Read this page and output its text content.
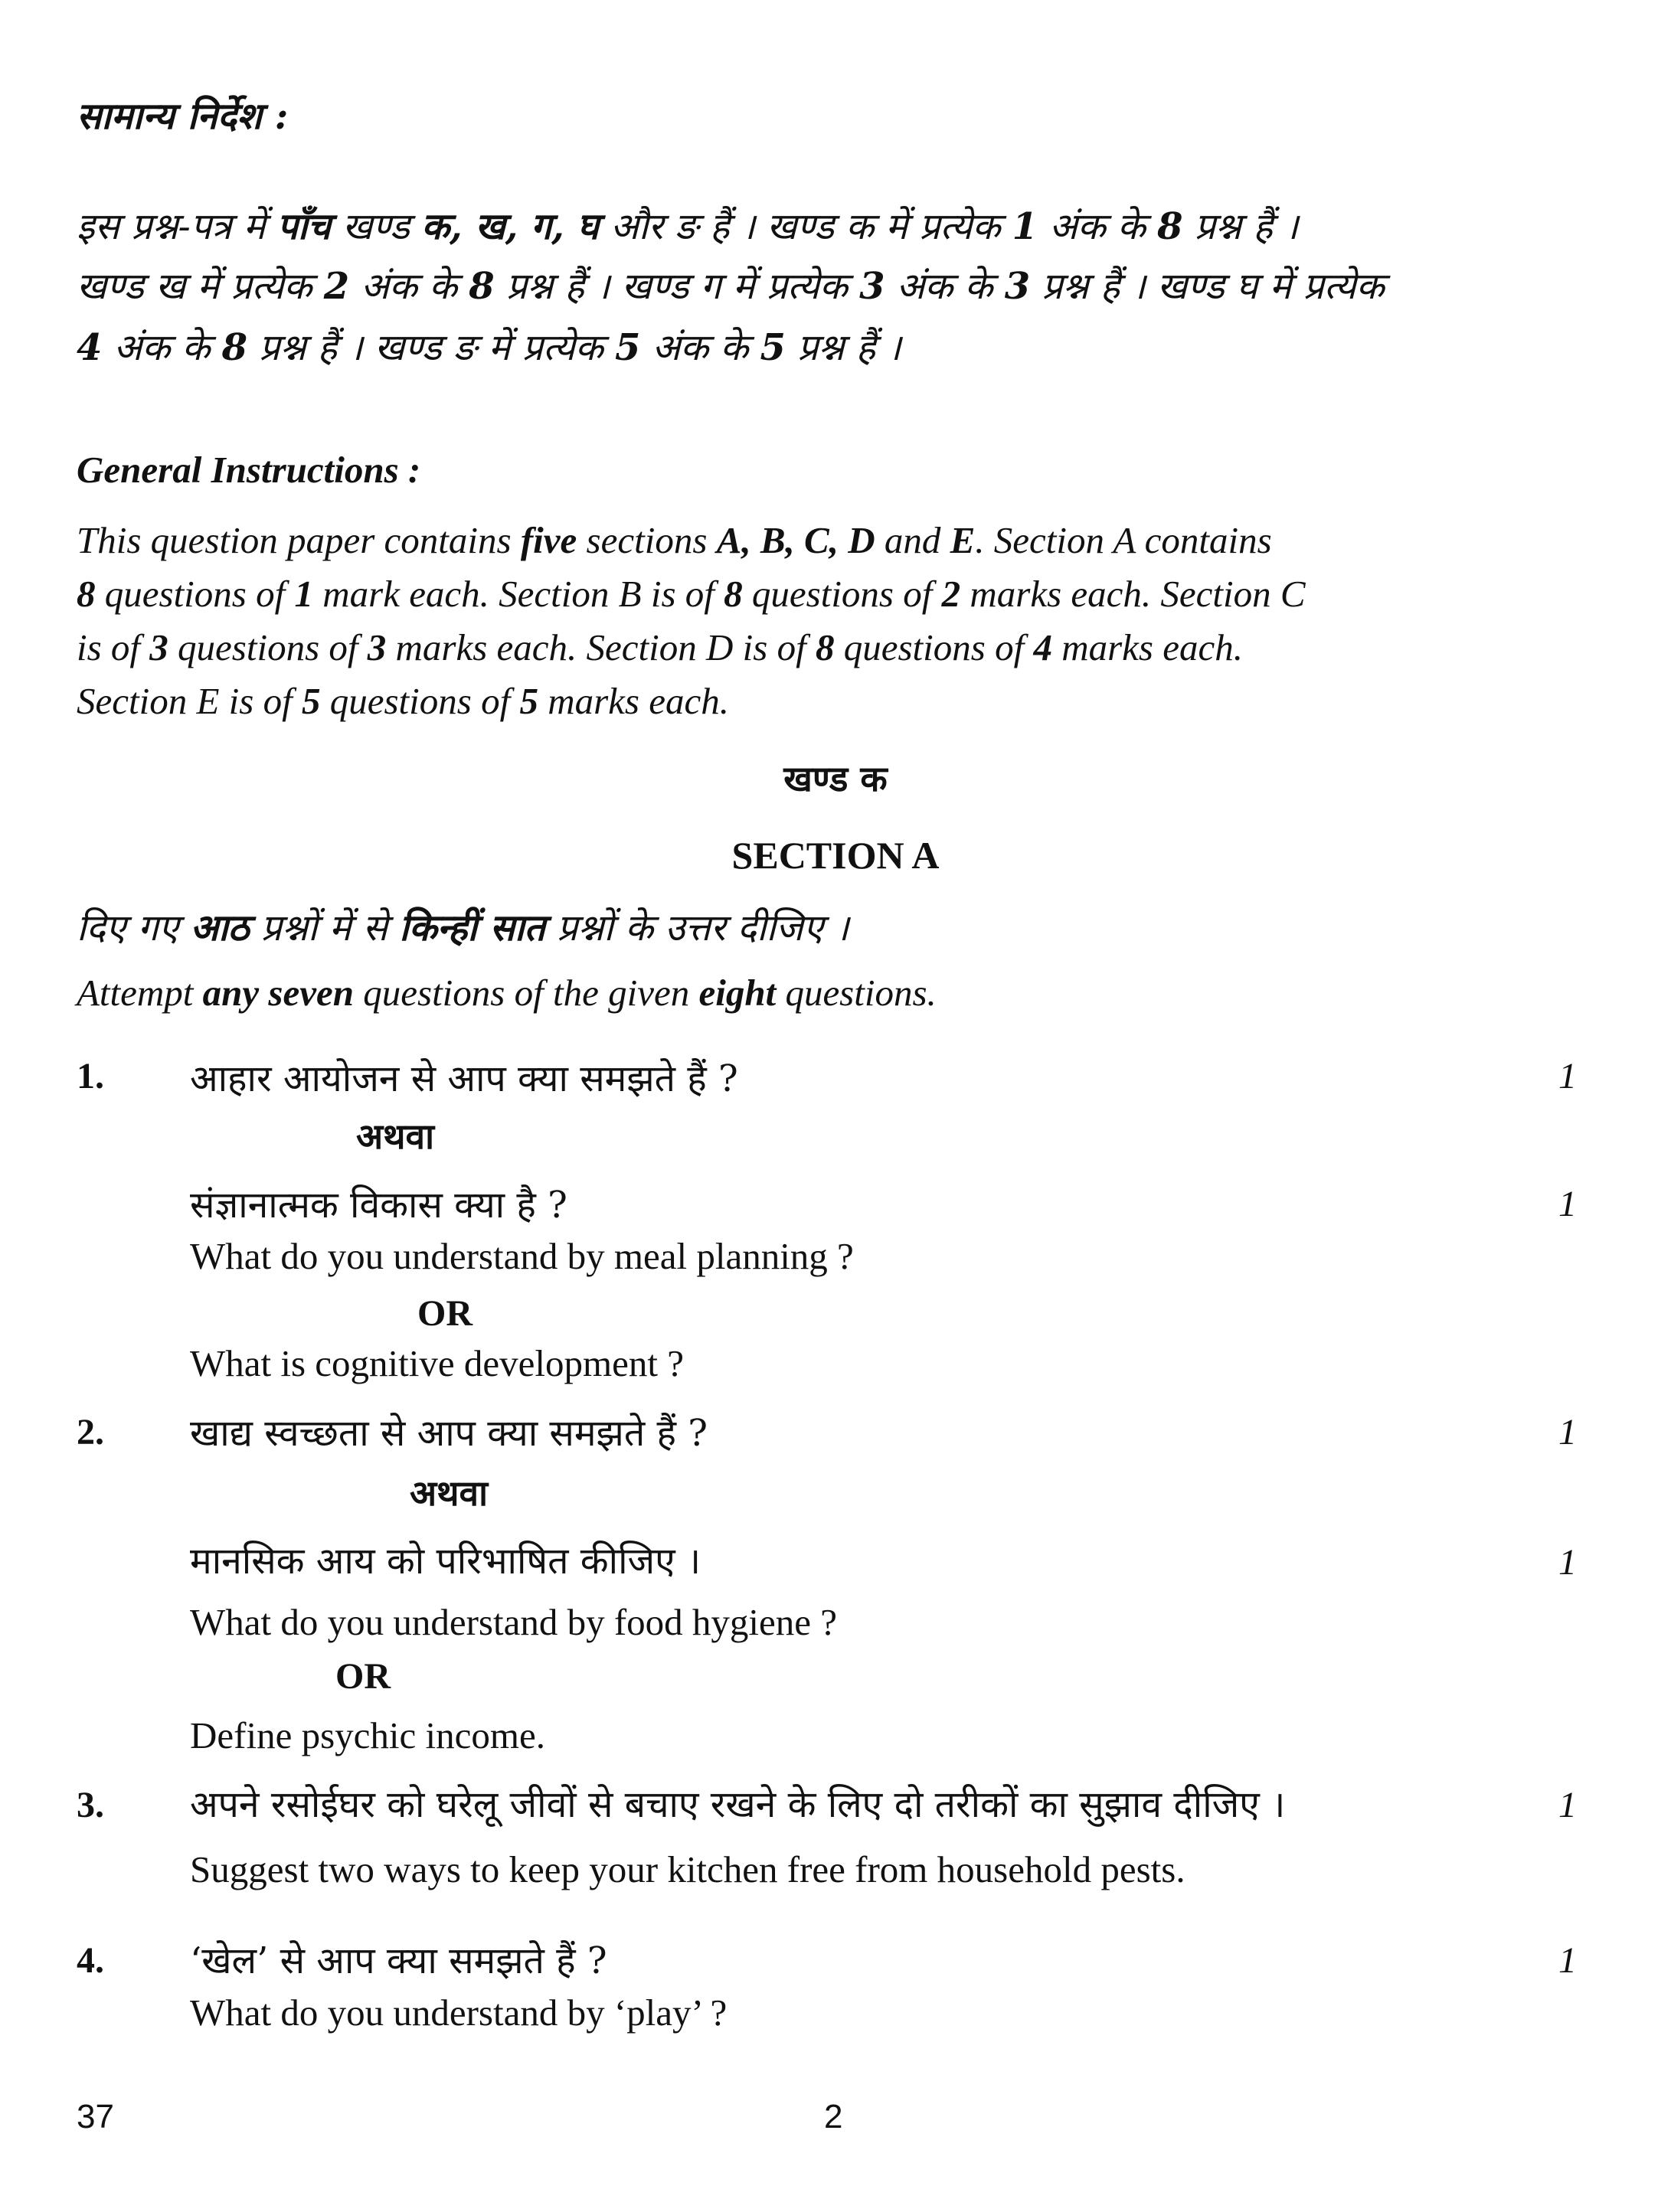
सामान्य निर्देश :
इस प्रश्न-पत्र में पाँच खण्ड क, ख, ग, घ और ङ हैं । खण्ड क में प्रत्येक 1 अंक के 8 प्रश्न हैं ।
खण्ड ख में प्रत्येक 2 अंक के 8 प्रश्न हैं । खण्ड ग में प्रत्येक 3 अंक के 3 प्रश्न हैं । खण्ड घ में प्रत्येक
4 अंक के 8 प्रश्न हैं । खण्ड ङ में प्रत्येक 5 अंक के 5 प्रश्न हैं ।
General Instructions :
This question paper contains five sections A, B, C, D and E. Section A contains
8 questions of 1 mark each. Section B is of 8 questions of 2 marks each. Section C
is of 3 questions of 3 marks each. Section D is of 8 questions of 4 marks each.
Section E is of 5 questions of 5 marks each.
खण्ड क
SECTION A
दिए गए आठ प्रश्नों में से किन्हीं सात प्रश्नों के उत्तर दीजिए ।
Attempt any seven questions of the given eight questions.
1. आहार आयोजन से आप क्या समझते हैं ?	1
अथवा
संज्ञानात्मक विकास क्या है ?	1
What do you understand by meal planning ?
OR
What is cognitive development ?
2. खाद्य स्वच्छता से आप क्या समझते हैं ?	1
अथवा
मानसिक आय को परिभाषित कीजिए ।	1
What do you understand by food hygiene ?
OR
Define psychic income.
3. अपने रसोईघर को घरेलू जीवों से बचाए रखने के लिए दो तरीकों का सुझाव दीजिए ।	1
Suggest two ways to keep your kitchen free from household pests.
4. ‘खेल’ से आप क्या समझते हैं ?	1
What do you understand by ‘play’ ?
37	2
